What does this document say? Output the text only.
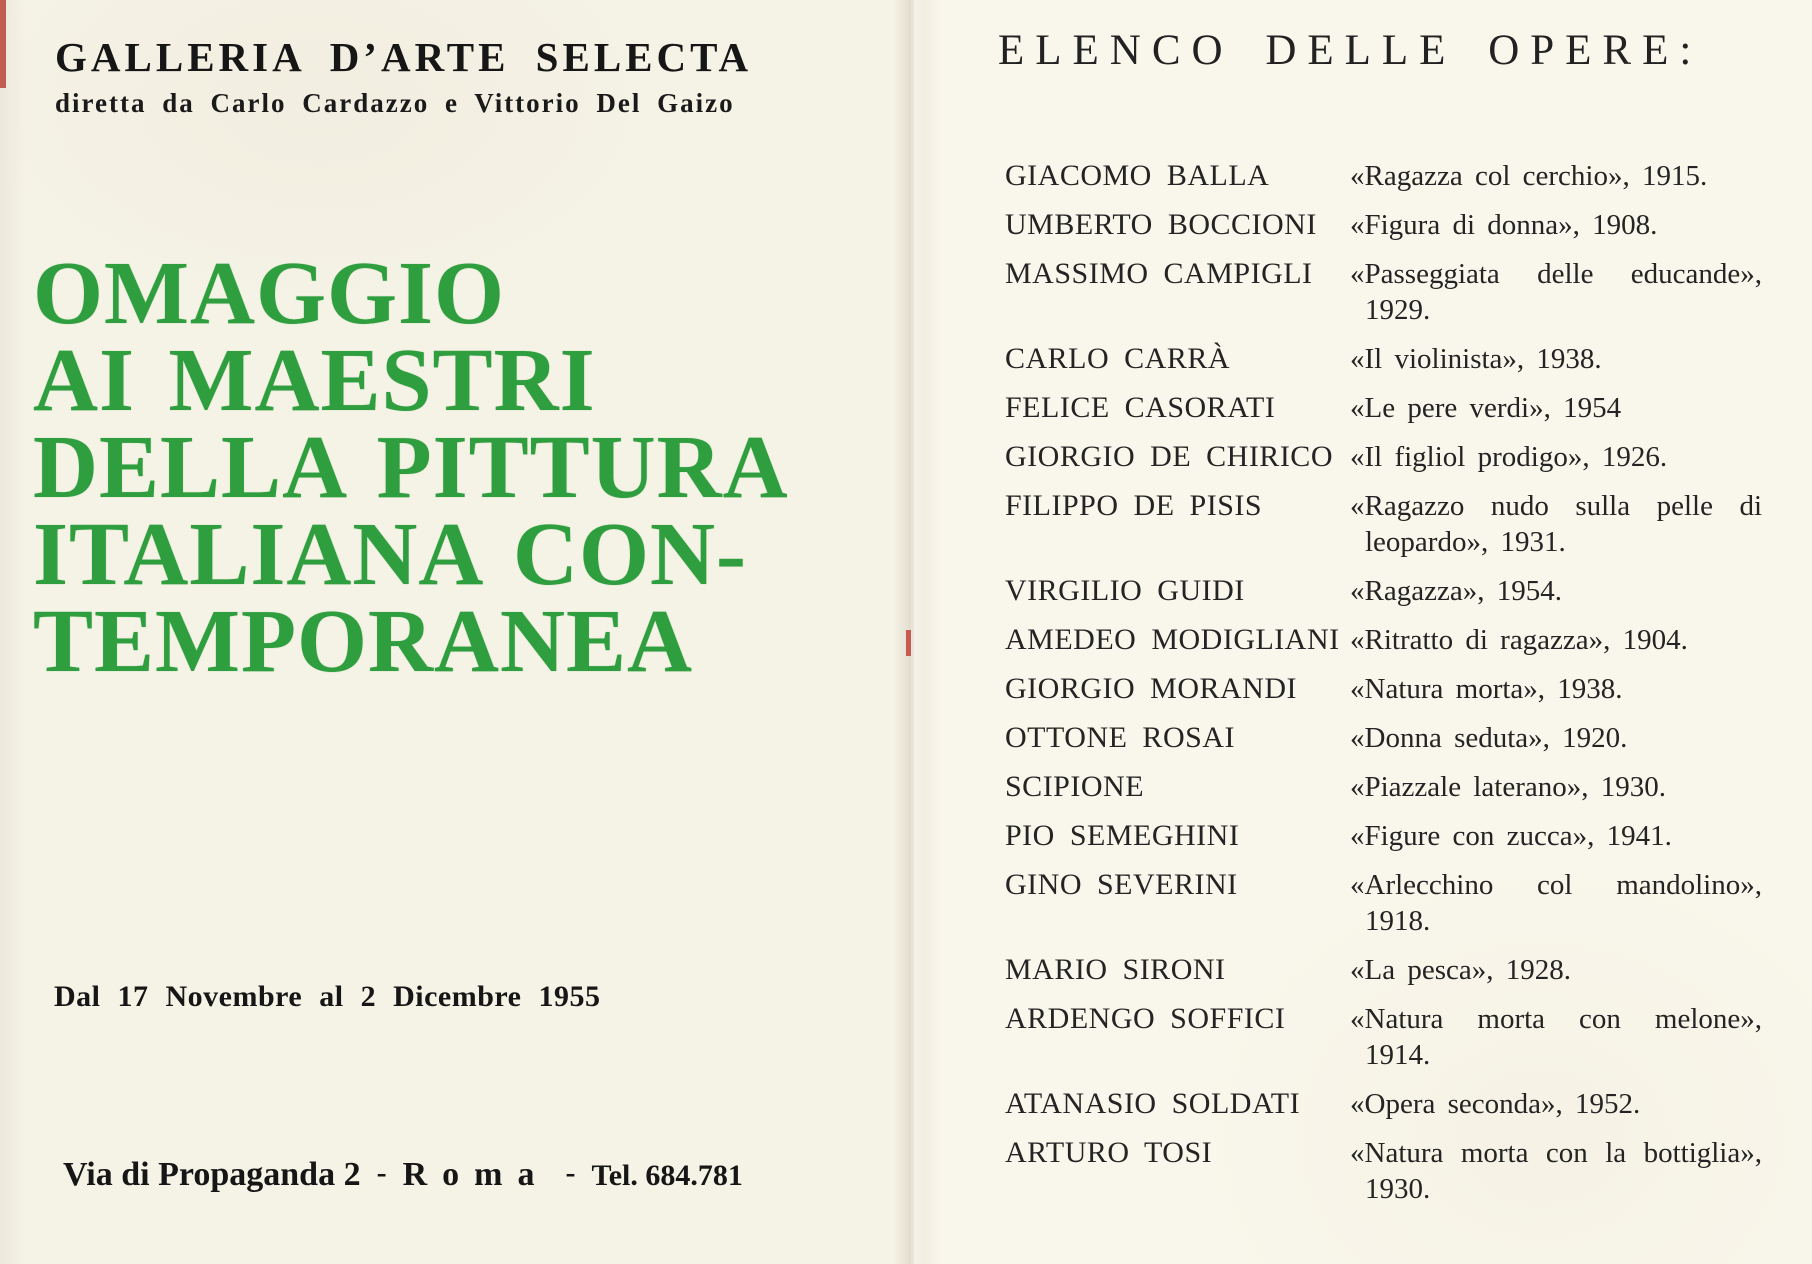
GALLERIA D’ARTE SELECTA

diretta da Carlo Cardazzo e Vittorio Del Gaizo

OMAGGIO
AI MAESTRI
DELLA PITTURA
ITALIANA CON-
TEMPORANEA

Dal 17 Novembre al 2 Dicembre 1955

Via di Propaganda 2 - Roma - Tel. 684.781

ELENCO DELLE OPERE:
GIACOMO BALLA	«Ragazza col cerchio», 1915.
UMBERTO BOCCIONI	«Figura di donna», 1908.
MASSIMO CAMPIGLI	«Passeggiata delle educande»,
1929.
CARLO CARRÀ	«Il violinista», 1938.
FELICE CASORATI	«Le pere verdi», 1954
GIORGIO DE CHIRICO «Il figliol prodigo», 1926.
FILIPPO DE PISIS	«Ragazzo nudo sulla pelle di
leopardo», 1931.
VIRGILIO GUIDI	«Ragazza», 1954.
AMEDEO MODIGLIANI «Ritratto di ragazza», 1904.
GIORGIO MORANDI	«Natura morta», 1938.
OTTONE ROSAI	«Donna seduta», 1920.
SCIPIONE	«Piazzale laterano», 1930.
PIO SEMEGHINI	«Figure con zucca», 1941.
GINO SEVERINI	«Arlecchino col mandolino»,
1918.
MARIO SIRONI	«La pesca», 1928.
ARDENGO SOFFICI	«Natura morta con melone»,
1914.
ATANASIO SOLDATI	«Opera seconda», 1952.
ARTURO TOSI	«Natura morta con la bottiglia»,
1930.
